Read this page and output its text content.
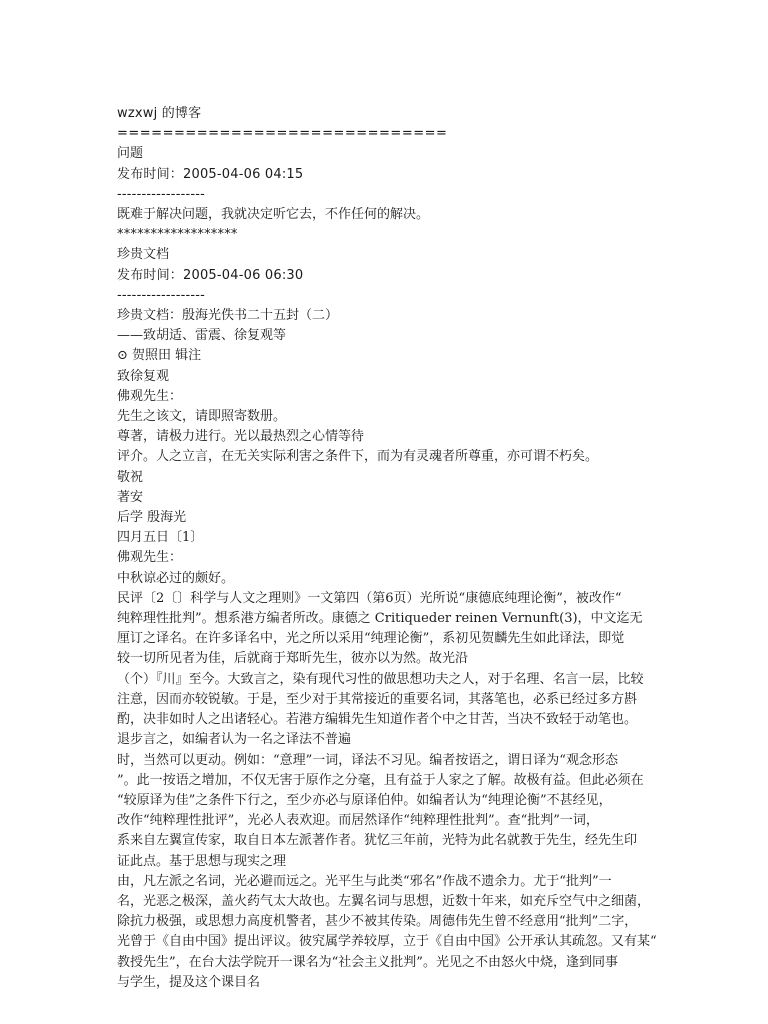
wzxwj 的博客
=============================
问题
发布时间：2005-04-06 04:15
------------------
既难于解决问题，我就决定听它去，不作任何的解决。
******************
珍贵文档
发布时间：2005-04-06 06:30
------------------
珍贵文档：殷海光佚书二十五封（二）
——致胡适、雷震、徐复观等
⊙ 贺照田 辑注
致徐复观
佛观先生：
先生之该文，请即照寄数册。
尊著，请极力进行。光以最热烈之心情等待
评介。人之立言，在无关实际利害之条件下，而为有灵魂者所尊重，亦可谓不朽矣。
敬祝
著安
后学 殷海光
四月五日〔1〕
佛观先生：
中秋谅必过的颇好。
民评〔2〔〕科学与人文之理则》一文第四（第6页）光所说“康德底纯理论衡”，被改作“
纯粹理性批判”。想系港方编者所改。康德之 Critiqueder reinen Vernunft(3)，中文迄无
厘订之译名。在许多译名中，光之所以采用“纯理论衡”，系初见贺麟先生如此译法，即觉
较一切所见者为佳，后就商于郑昕先生，彼亦以为然。故光沿
（个）『川』至今。大致言之，染有现代习性的做思想功夫之人，对于名理、名言一层，比较
注意，因而亦较锐敏。于是，至少对于其常接近的重要名词，其落笔也，必系已经过多方斟
酌，决非如时人之出诸轻心。若港方编辑先生知道作者个中之甘苦，当决不致轻于动笔也。
退步言之，如编者认为一名之译法不普遍
时，当然可以更动。例如：“意理”一词，译法不习见。编者按语之，谓日译为“观念形态
”。此一按语之增加，不仅无害于原作之分毫，且有益于人家之了解。故极有益。但此必须在
“较原译为佳”之条件下行之，至少亦必与原译伯仲。如编者认为“纯理论衡”不甚经见，
改作“纯粹理性批评”，光必人表欢迎。而居然译作“纯粹理性批判”。查“批判”一词，
系来自左翼宣传家，取自日本左派著作者。犹忆三年前，光特为此名就教于先生，经先生印
证此点。基于思想与现实之理
由，凡左派之名词，光必避而远之。光平生与此类“邪名”作战不遗余力。尤于“批判”一
名，光恶之极深，盖火药气太大故也。左翼名词与思想，近数十年来，如充斥空气中之细菌，
除抗力极强，或思想力高度机警者，甚少不被其传染。周德伟先生曾不经意用“批判”二字，
光曾于《自由中国》提出评议。彼究属学养较厚，立于《自由中国》公开承认其疏忽。又有某“
教授先生”，在台大法学院开一课名为“社会主义批判”。光见之不由怒火中烧，逢到同事
与学生，提及这个课目名
